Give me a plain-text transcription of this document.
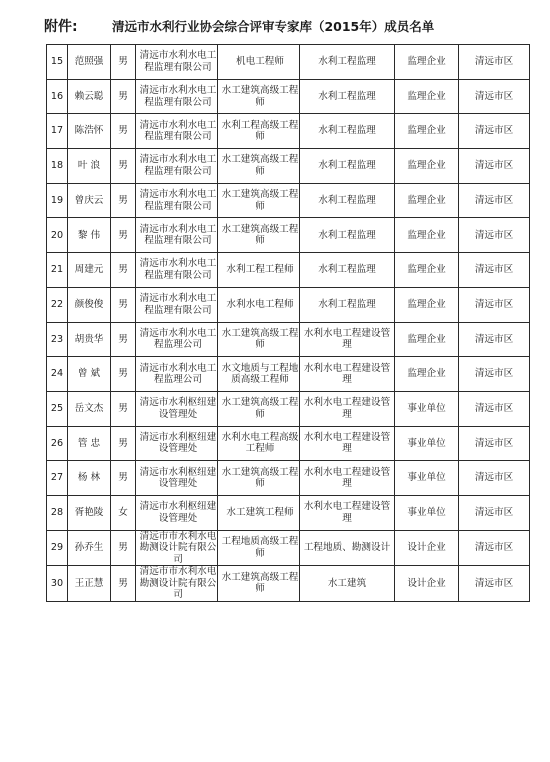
附件:	清远市水利行业协会综合评审专家库（2015年）成员名单
15	范照强	男	清远市水利水电工程监理有限公司	机电工程师	水利工程监理	监理企业	清远市区
16	赖云聪	男	清远市水利水电工程监理有限公司	水工建筑高级工程师	水利工程监理	监理企业	清远市区
17	陈浩怀	男	清远市水利水电工程监理有限公司	水利工程高级工程师	水利工程监理	监理企业	清远市区
18	叶 浪	男	清远市水利水电工程监理有限公司	水工建筑高级工程师	水利工程监理	监理企业	清远市区
19	曾庆云	男	清远市水利水电工程监理有限公司	水工建筑高级工程师	水利工程监理	监理企业	清远市区
20	黎 伟	男	清远市水利水电工程监理有限公司	水工建筑高级工程师	水利工程监理	监理企业	清远市区
21	周建元	男	清远市水利水电工程监理有限公司	水利工程工程师	水利工程监理	监理企业	清远市区
22	颜俊俊	男	清远市水利水电工程监理有限公司	水利水电工程师	水利工程监理	监理企业	清远市区
23	胡贵华	男	清远市水利水电工程监理公司	水工建筑高级工程师	水利水电工程建设管理	监理企业	清远市区
24	曾 斌	男	清远市水利水电工程监理公司	水文地质与工程地质高级工程师	水利水电工程建设管理	监理企业	清远市区
25	岳文杰	男	清远市水利枢纽建设管理处	水工建筑高级工程师	水利水电工程建设管理	事业单位	清远市区
26	管 忠	男	清远市水利枢纽建设管理处	水利水电工程高级工程师	水利水电工程建设管理	事业单位	清远市区
27	杨 林	男	清远市水利枢纽建设管理处	水工建筑高级工程师	水利水电工程建设管理	事业单位	清远市区
28	胥艳陵	女	清远市水利枢纽建设管理处	水工建筑工程师	水利水电工程建设管理	事业单位	清远市区
29	孙乔生	男	清远市市水利水电勘测设计院有限公司	工程地质高级工程师	工程地质、勘测设计	设计企业	清远市区
30	王正慧	男	清远市市水利水电勘测设计院有限公司	水工建筑高级工程师	水工建筑	设计企业	清远市区
